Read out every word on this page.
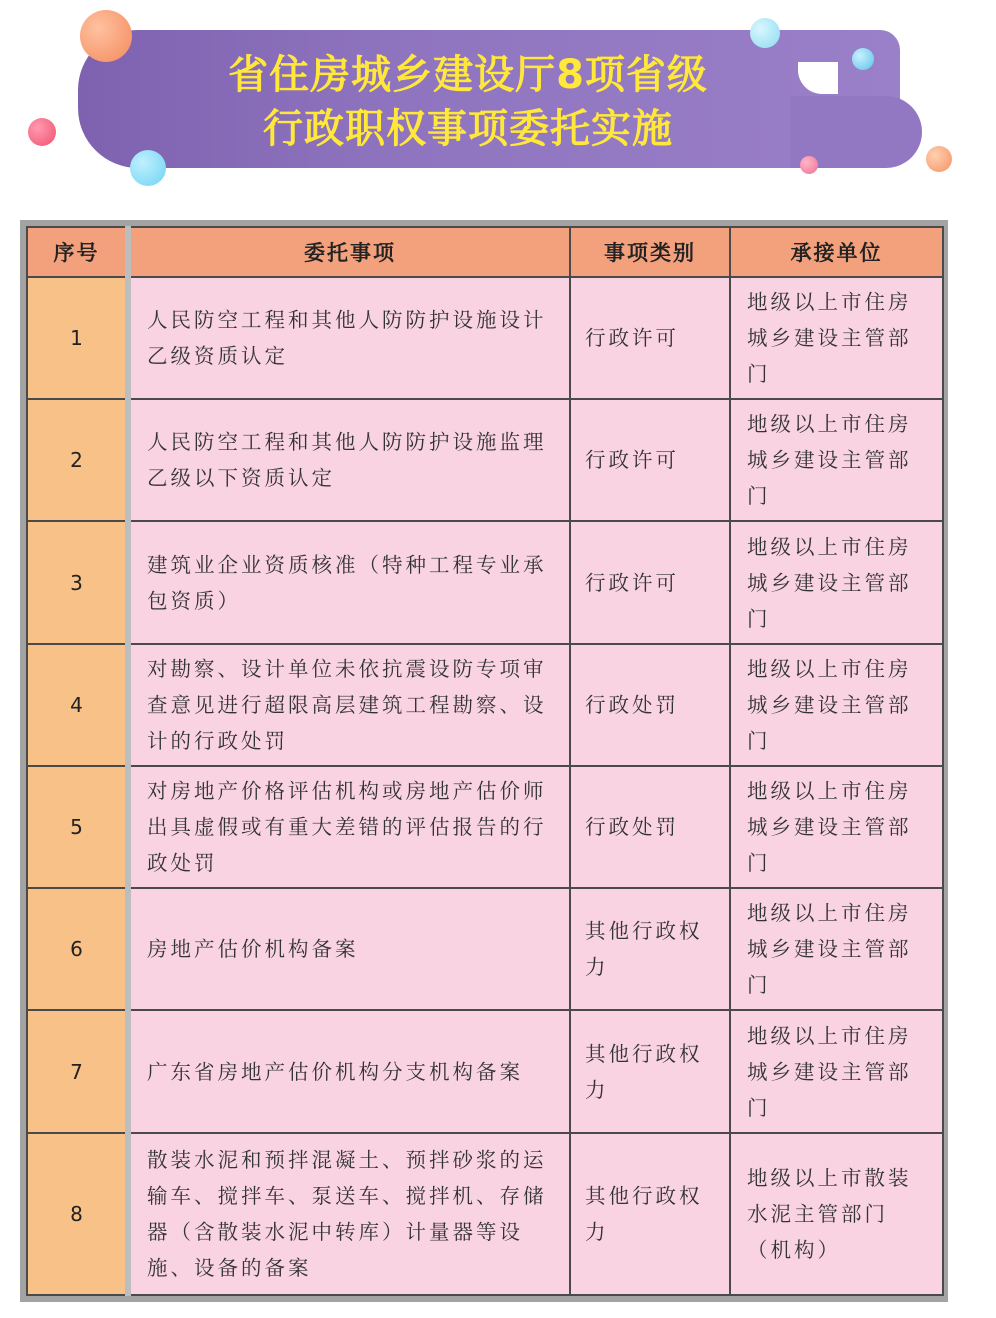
省住房城乡建设厅8项省级
行政职权事项委托实施
序号	委托事项	事项类别	承接单位
1	人民防空工程和其他人防防护设施设计乙级资质认定	行政许可	地级以上市住房城乡建设主管部门
2	人民防空工程和其他人防防护设施监理乙级以下资质认定	行政许可	地级以上市住房城乡建设主管部门
3	建筑业企业资质核准（特种工程专业承包资质）	行政许可	地级以上市住房城乡建设主管部门
4	对勘察、设计单位未依抗震设防专项审查意见进行超限高层建筑工程勘察、设计的行政处罚	行政处罚	地级以上市住房城乡建设主管部门
5	对房地产价格评估机构或房地产估价师出具虚假或有重大差错的评估报告的行政处罚	行政处罚	地级以上市住房城乡建设主管部门
6	房地产估价机构备案	其他行政权力	地级以上市住房城乡建设主管部门
7	广东省房地产估价机构分支机构备案	其他行政权力	地级以上市住房城乡建设主管部门
8	散装水泥和预拌混凝土、预拌砂浆的运输车、搅拌车、泵送车、搅拌机、存储器（含散装水泥中转库）计量器等设施、设备的备案	其他行政权力	地级以上市散装水泥主管部门（机构）
